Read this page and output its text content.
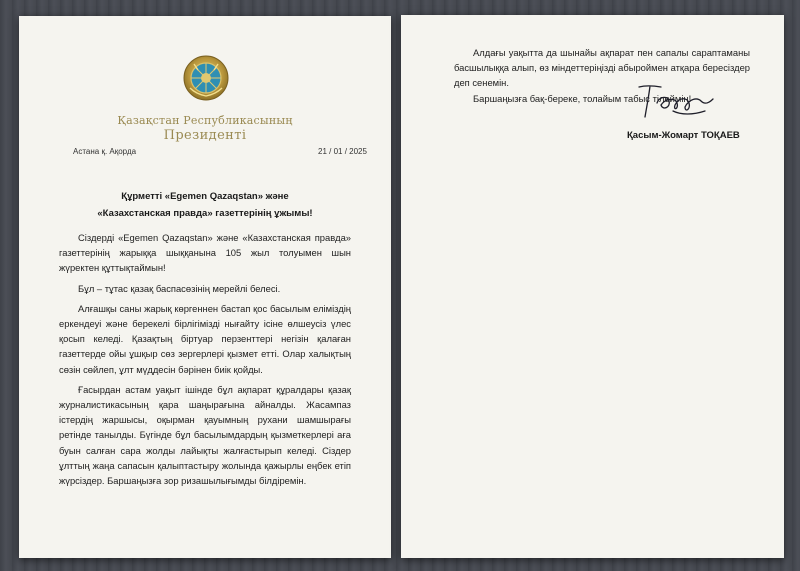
Қазақстан Республикасының
Президенті
Астана қ. Ақорда	21 / 01 / 2025
Құрметті «Egemen Qazaqstan» және
«Казахстанская правда» газеттерінің ұжымы!

Сіздерді «Egemen Qazaqstan» және «Казахстанская правда» газеттерінің жарыққа шыққанына 105 жыл толуымен шын жүректен құттықтаймын!

Бұл – тұтас қазақ баспасөзінің мерейлі белесі.

Алғашқы саны жарық көргеннен бастап қос басылым еліміздің еркендеуі және берекелі бірлігімізді нығайту ісіне өлшеусіз үлес қосып келеді. Қазақтың біртуар перзенттері негізін қалаған газеттерде ойы ұшқыр сөз зергерлері қызмет етті. Олар халықтың сөзін сөйлеп, ұлт мүддесін бәрінен биік қойды.

Ғасырдан астам уақыт ішінде бұл ақпарат құралдары қазақ журналистикасының қара шаңырағына айналды. Жасампаз істердің жаршысы, оқырман қауымның рухани шамшырағы ретінде танылды. Бүгінде бұл басылымдардың қызметкерлері аға буын салған сара жолды лайықты жалғастырып келеді. Сіздер ұлттың жаңа сапасын қалыптастыру жолында қажырлы еңбек етіп жүрсіздер. Баршаңызға зор ризашылығымды білдіремін.

Алдағы уақытта да шынайы ақпарат пен сапалы сараптаманы басшылыққа алып, өз міндеттеріңізді абыроймен атқара бересіздер деп сенемін.

Баршаңызға бақ-береке, толайым табыс тілеймін!

Қасым-Жомарт ТОҚАЕВ
